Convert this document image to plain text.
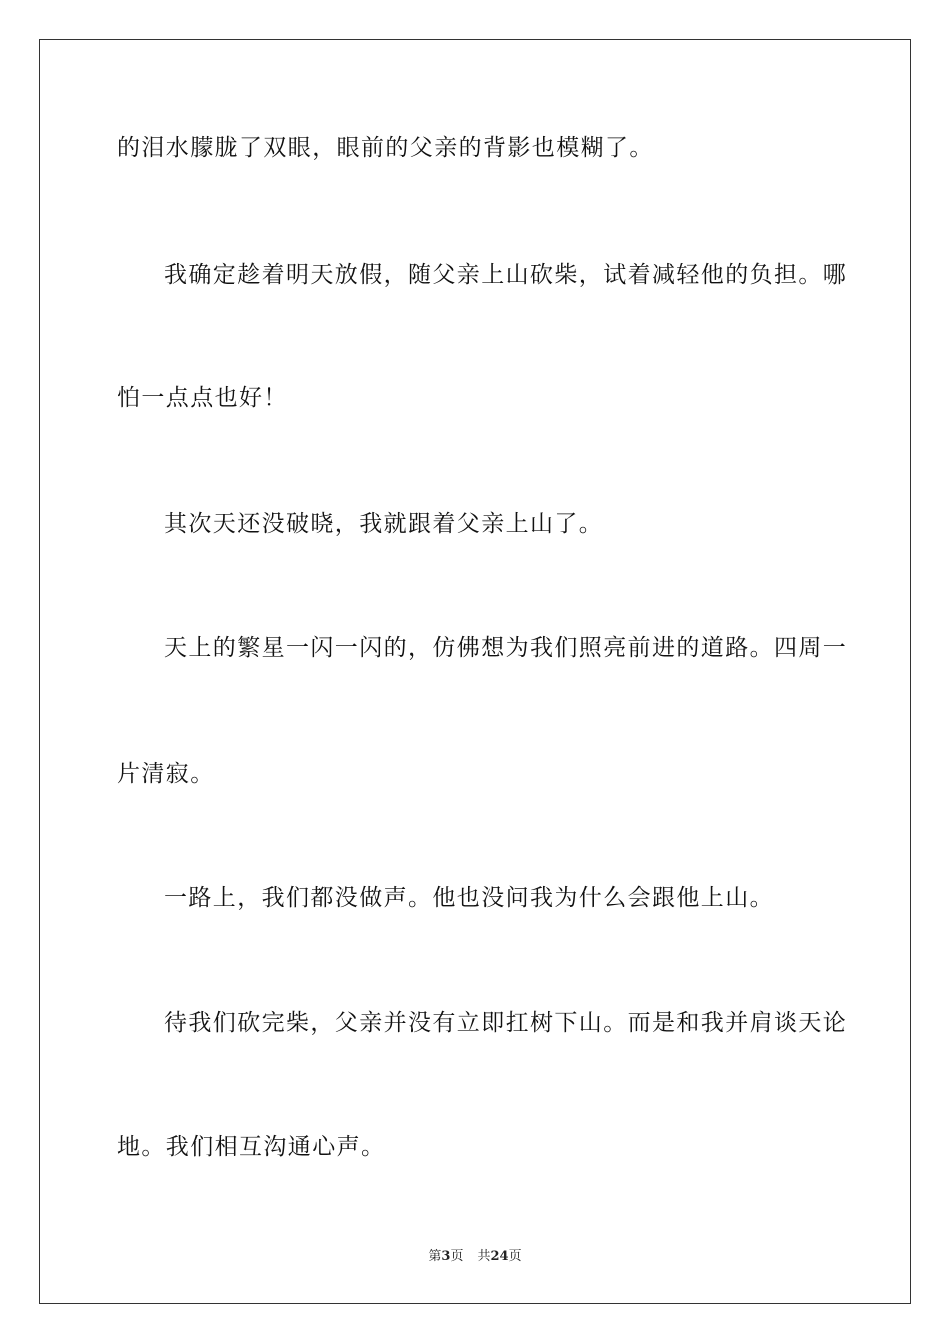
的泪水朦胧了双眼，眼前的父亲的背影也模糊了。
我确定趁着明天放假，随父亲上山砍柴，试着减轻他的负担。哪
怕一点点也好！
其次天还没破晓，我就跟着父亲上山了。
天上的繁星一闪一闪的，仿佛想为我们照亮前进的道路。四周一
片清寂。
一路上，我们都没做声。他也没问我为什么会跟他上山。
待我们砍完柴，父亲并没有立即扛树下山。而是和我并肩谈天论
地。我们相互沟通心声。
第3页 共24页
